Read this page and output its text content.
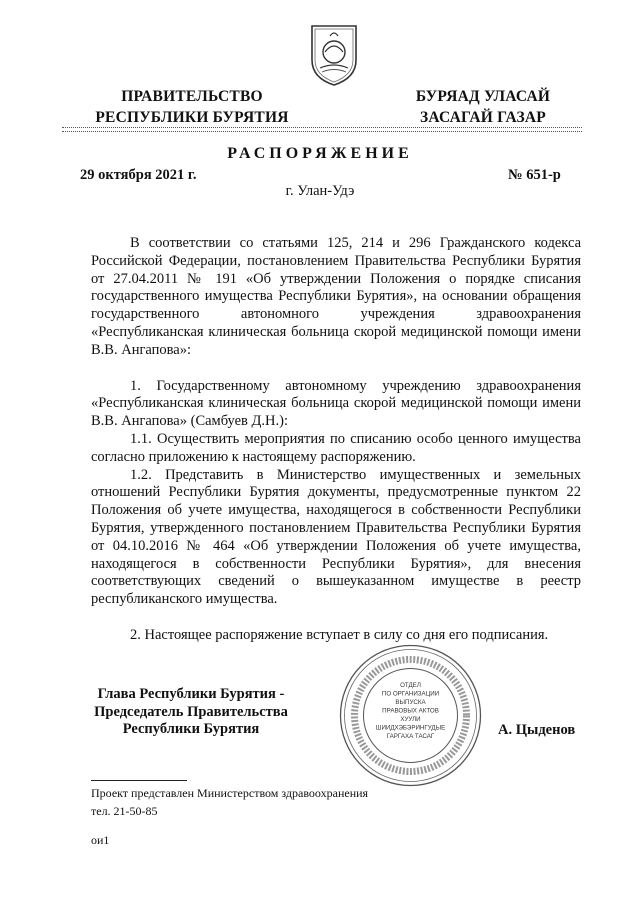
ПРАВИТЕЛЬСТВО
РЕСПУБЛИКИ БУРЯТИЯ
БУРЯАД УЛАСАЙ
ЗАСАГАЙ ГАЗАР
РАСПОРЯЖЕНИЕ
29 октября 2021 г.	№ 651-р
г. Улан-Удэ

В соответствии со статьями 125, 214 и 296 Гражданского кодекса Российской Федерации, постановлением Правительства Республики Бурятия от 27.04.2011 № 191 «Об утверждении Положения о порядке списания государственного имущества Республики Бурятия», на основании обращения государственного автономного учреждения здравоохранения «Республиканская клиническая больница скорой медицинской помощи имени В.В. Ангапова»:

1. Государственному автономному учреждению здравоохранения «Республиканская клиническая больница скорой медицинской помощи имени В.В. Ангапова» (Самбуев Д.Н.):

1.1. Осуществить мероприятия по списанию особо ценного имущества согласно приложению к настоящему распоряжению.

1.2. Представить в Министерство имущественных и земельных отношений Республики Бурятия документы, предусмотренные пунктом 22 Положения об учете имущества, находящегося в собственности Республики Бурятия, утвержденного постановлением Правительства Республики Бурятия от 04.10.2016 № 464 «Об утверждении Положения об учете имущества, находящегося в собственности Республики Бурятия», для внесения соответствующих сведений о вышеуказанном имуществе в реестр республиканского имущества.

2. Настоящее распоряжение вступает в силу со дня его подписания.

ОТДЕЛ
ПО ОРГАНИЗАЦИИ
ВЫПУСКА
ПРАВОВЫХ АКТОВ
ХУУЛИ
ШИИДХЭБЭРИНГУДЫЕ
ГАРГАХА ТАСАГ
Глава Республики Бурятия -
Председатель Правительства
Республики Бурятия	А. Цыденов
Проект представлен Министерством здравоохранения
тел. 21-50-85
ои1
